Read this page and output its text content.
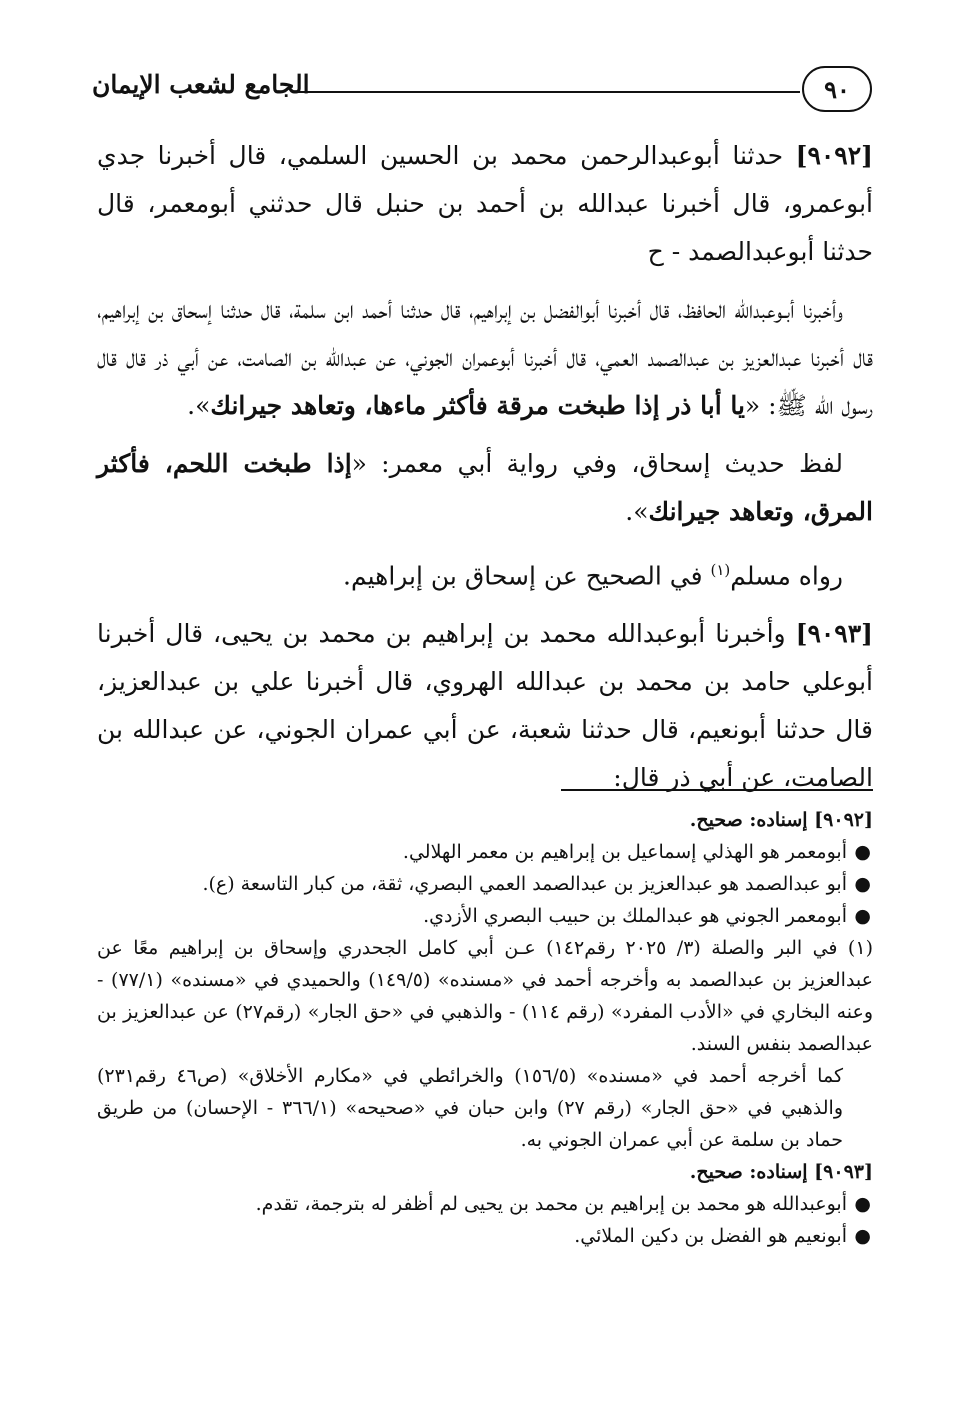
٩٠
الجامع لشعب الإيمان

[٩٠٩٢] حدثنا أبوعبدالرحمن محمد بن الحسين السلمي، قال أخبرنا جدي أبوعمرو، قال أخبرنا عبدالله بن أحمد بن حنبل قال حدثني أبومعمر، قال حدثنا أبوعبدالصمد - ح

وأخبرنا أبـوعبدالله الحافظ، قال أخبرنا أبوالفضل بن إبراهيم، قال حدثنا أحمد ابن سلمة، قال حدثنا إسحاق بن إبراهيم، قال أخبرنا عبدالعزيز بن عبدالصمد العمي، قال أخبرنا أبوعمران الجوني، عن عبدالله بن الصامت، عن أبي ذر قال قال رسول الله ﷺ: «يا أبا ذر إذا طبخت مرقة فأكثر ماءها، وتعاهد جيرانك».

لفظ حديث إسحاق، وفي رواية أبي معمر: «إذا طبخت اللحم، فأكثر المرق، وتعاهد جيرانك».

رواه مسلم$^{(١)}$ في الصحيح عن إسحاق بن إبراهيم.

[٩٠٩٣] وأخبرنا أبوعبدالله محمد بن إبراهيم بن محمد بن يحيى، قال أخبرنا أبوعلي حامد بن محمد بن عبدالله الهروي، قال أخبرنا علي بن عبدالعزيز، قال حدثنا أبونعيم، قال حدثنا شعبة، عن أبي عمران الجوني، عن عبدالله بن الصامت، عن أبي ذر قال:

[٩٠٩٢] إسناده: صحيح.

●
أبومعمر هو الهذلي إسماعيل بن إبراهيم بن معمر الهلالي.
●
أبو عبدالصمد هو عبدالعزيز بن عبدالصمد العمي البصري، ثقة، من كبار التاسعة (ع).
●
أبومعمر الجوني هو عبدالملك بن حبيب البصري الأزدي.

(١) في البر والصلة (٣/ ٢٠٢٥ رقم١٤٢) عـن أبي كامل الجحدري وإسحاق بن إبراهيم معًا عن عبدالعزيز بن عبدالصمد به وأخرجه أحمد في «مسنده» (١٤٩/٥) والحميدي في «مسنده» (٧٧/١) - وعنه البخاري في «الأدب المفرد» (رقم ١١٤) - والذهبي في «حق الجار» (رقم٢٧) عن عبدالعزيز بن عبدالصمد بنفس السند.

كما أخرجه أحمد في «مسنده» (١٥٦/٥) والخرائطي في «مكارم الأخلاق» (ص٤٦ رقم٢٣١) والذهبي في «حق الجار» (رقم ٢٧) وابن حبان في «صحيحه» (٣٦٦/١ - الإحسان) من طريق حماد بن سلمة عن أبي عمران الجوني به.

[٩٠٩٣] إسناده: صحيح.

●
أبوعبدالله هو محمد بن إبراهيم بن محمد بن يحيى لم أظفر له بترجمة، تقدم.
●
أبونعيم هو الفضل بن دكين الملائي.
